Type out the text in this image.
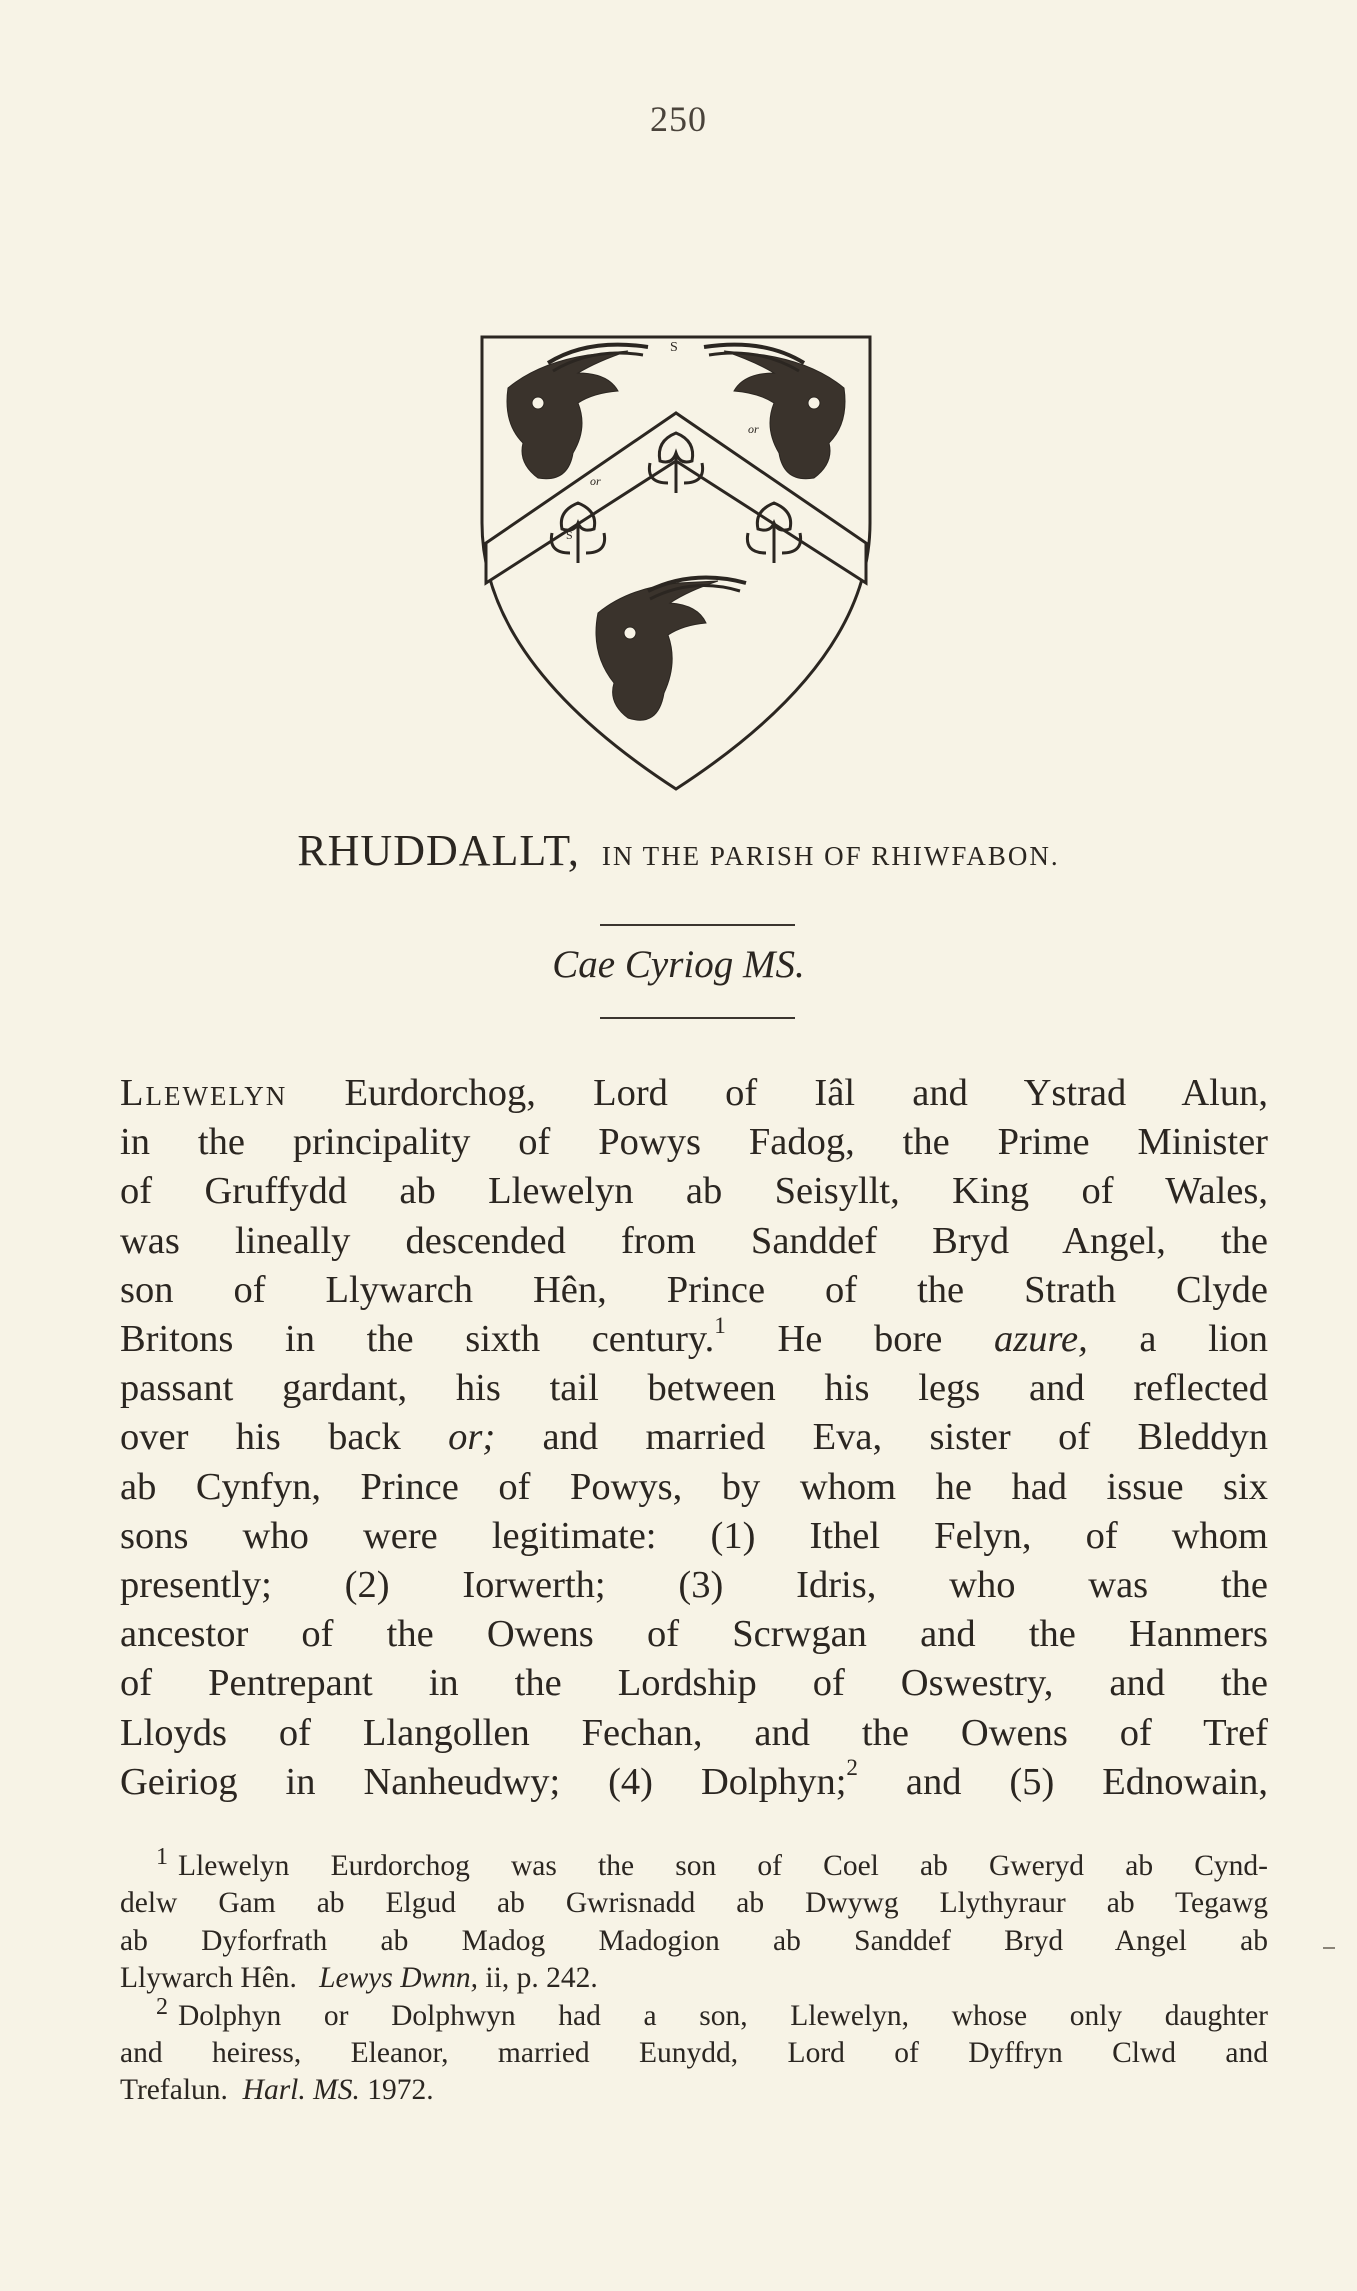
250
S
or
or
S
RHUDDALLT, IN THE PARISH OF RHIWFABON.
Cae Cyriog MS.
Llewelyn Eurdorchog, Lord of Iâl and Ystrad Alun,
in the principality of Powys Fadog, the Prime Minister
of Gruffydd ab Llewelyn ab Seisyllt, King of Wales,
was lineally descended from Sanddef Bryd Angel, the
son of Llywarch Hên, Prince of the Strath Clyde
Britons in the sixth century.$^1$ He bore azure, a lion
passant gardant, his tail between his legs and reflected
over his back or; and married Eva, sister of Bleddyn
ab Cynfyn, Prince of Powys, by whom he had issue six
sons who were legitimate: (1) Ithel Felyn, of whom
presently; (2) Iorwerth; (3) Idris, who was the
ancestor of the Owens of Scrwgan and the Hanmers
of Pentrepant in the Lordship of Oswestry, and the
Lloyds of Llangollen Fechan, and the Owens of Tref
Geiriog in Nanheudwy; (4) Dolphyn;$^2$ and (5) Ednowain,
$^1$ Llewelyn Eurdorchog was the son of Coel ab Gweryd ab Cynd-
delw Gam ab Elgud ab Gwrisnadd ab Dwywg Llythyraur ab Tegawg
ab Dyforfrath ab Madog Madogion ab Sanddef Bryd Angel ab
Llywarch Hên. Lewys Dwnn, ii, p. 242.
$^2$ Dolphyn or Dolphwyn had a son, Llewelyn, whose only daughter
and heiress, Eleanor, married Eunydd, Lord of Dyffryn Clwd and
Trefalun. Harl. MS. 1972.
